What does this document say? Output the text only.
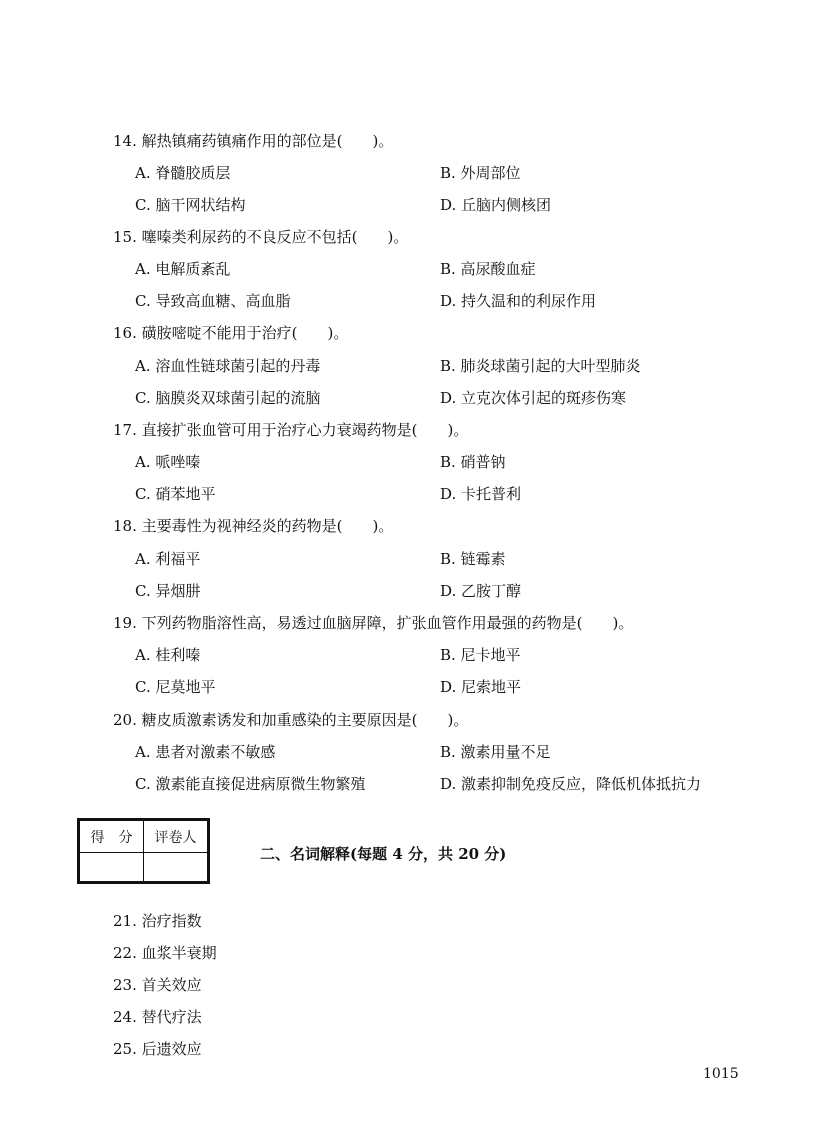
14. 解热镇痛药镇痛作用的部位是(　　)。
A. 脊髓胶质层	B. 外周部位
C. 脑干网状结构	D. 丘脑内侧核团
15. 噻嗪类利尿药的不良反应不包括(　　)。
A. 电解质紊乱	B. 高尿酸血症
C. 导致高血糖、高血脂	D. 持久温和的利尿作用
16. 磺胺嘧啶不能用于治疗(　　)。
A. 溶血性链球菌引起的丹毒	B. 肺炎球菌引起的大叶型肺炎
C. 脑膜炎双球菌引起的流脑	D. 立克次体引起的斑疹伤寒
17. 直接扩张血管可用于治疗心力衰竭药物是(　　)。
A. 哌唑嗪	B. 硝普钠
C. 硝苯地平	D. 卡托普利
18. 主要毒性为视神经炎的药物是(　　)。
A. 利福平	B. 链霉素
C. 异烟肼	D. 乙胺丁醇
19. 下列药物脂溶性高，易透过血脑屏障，扩张血管作用最强的药物是(　　)。
A. 桂利嗪	B. 尼卡地平
C. 尼莫地平	D. 尼索地平
20. 糖皮质激素诱发和加重感染的主要原因是(　　)。
A. 患者对激素不敏感	B. 激素用量不足
C. 激素能直接促进病原微生物繁殖	D. 激素抑制免疫反应，降低机体抵抗力
得　分	评卷人

二、名词解释(每题 4 分，共 20 分)
21. 治疗指数
22. 血浆半衰期
23. 首关效应
24. 替代疗法
25. 后遗效应
1015
